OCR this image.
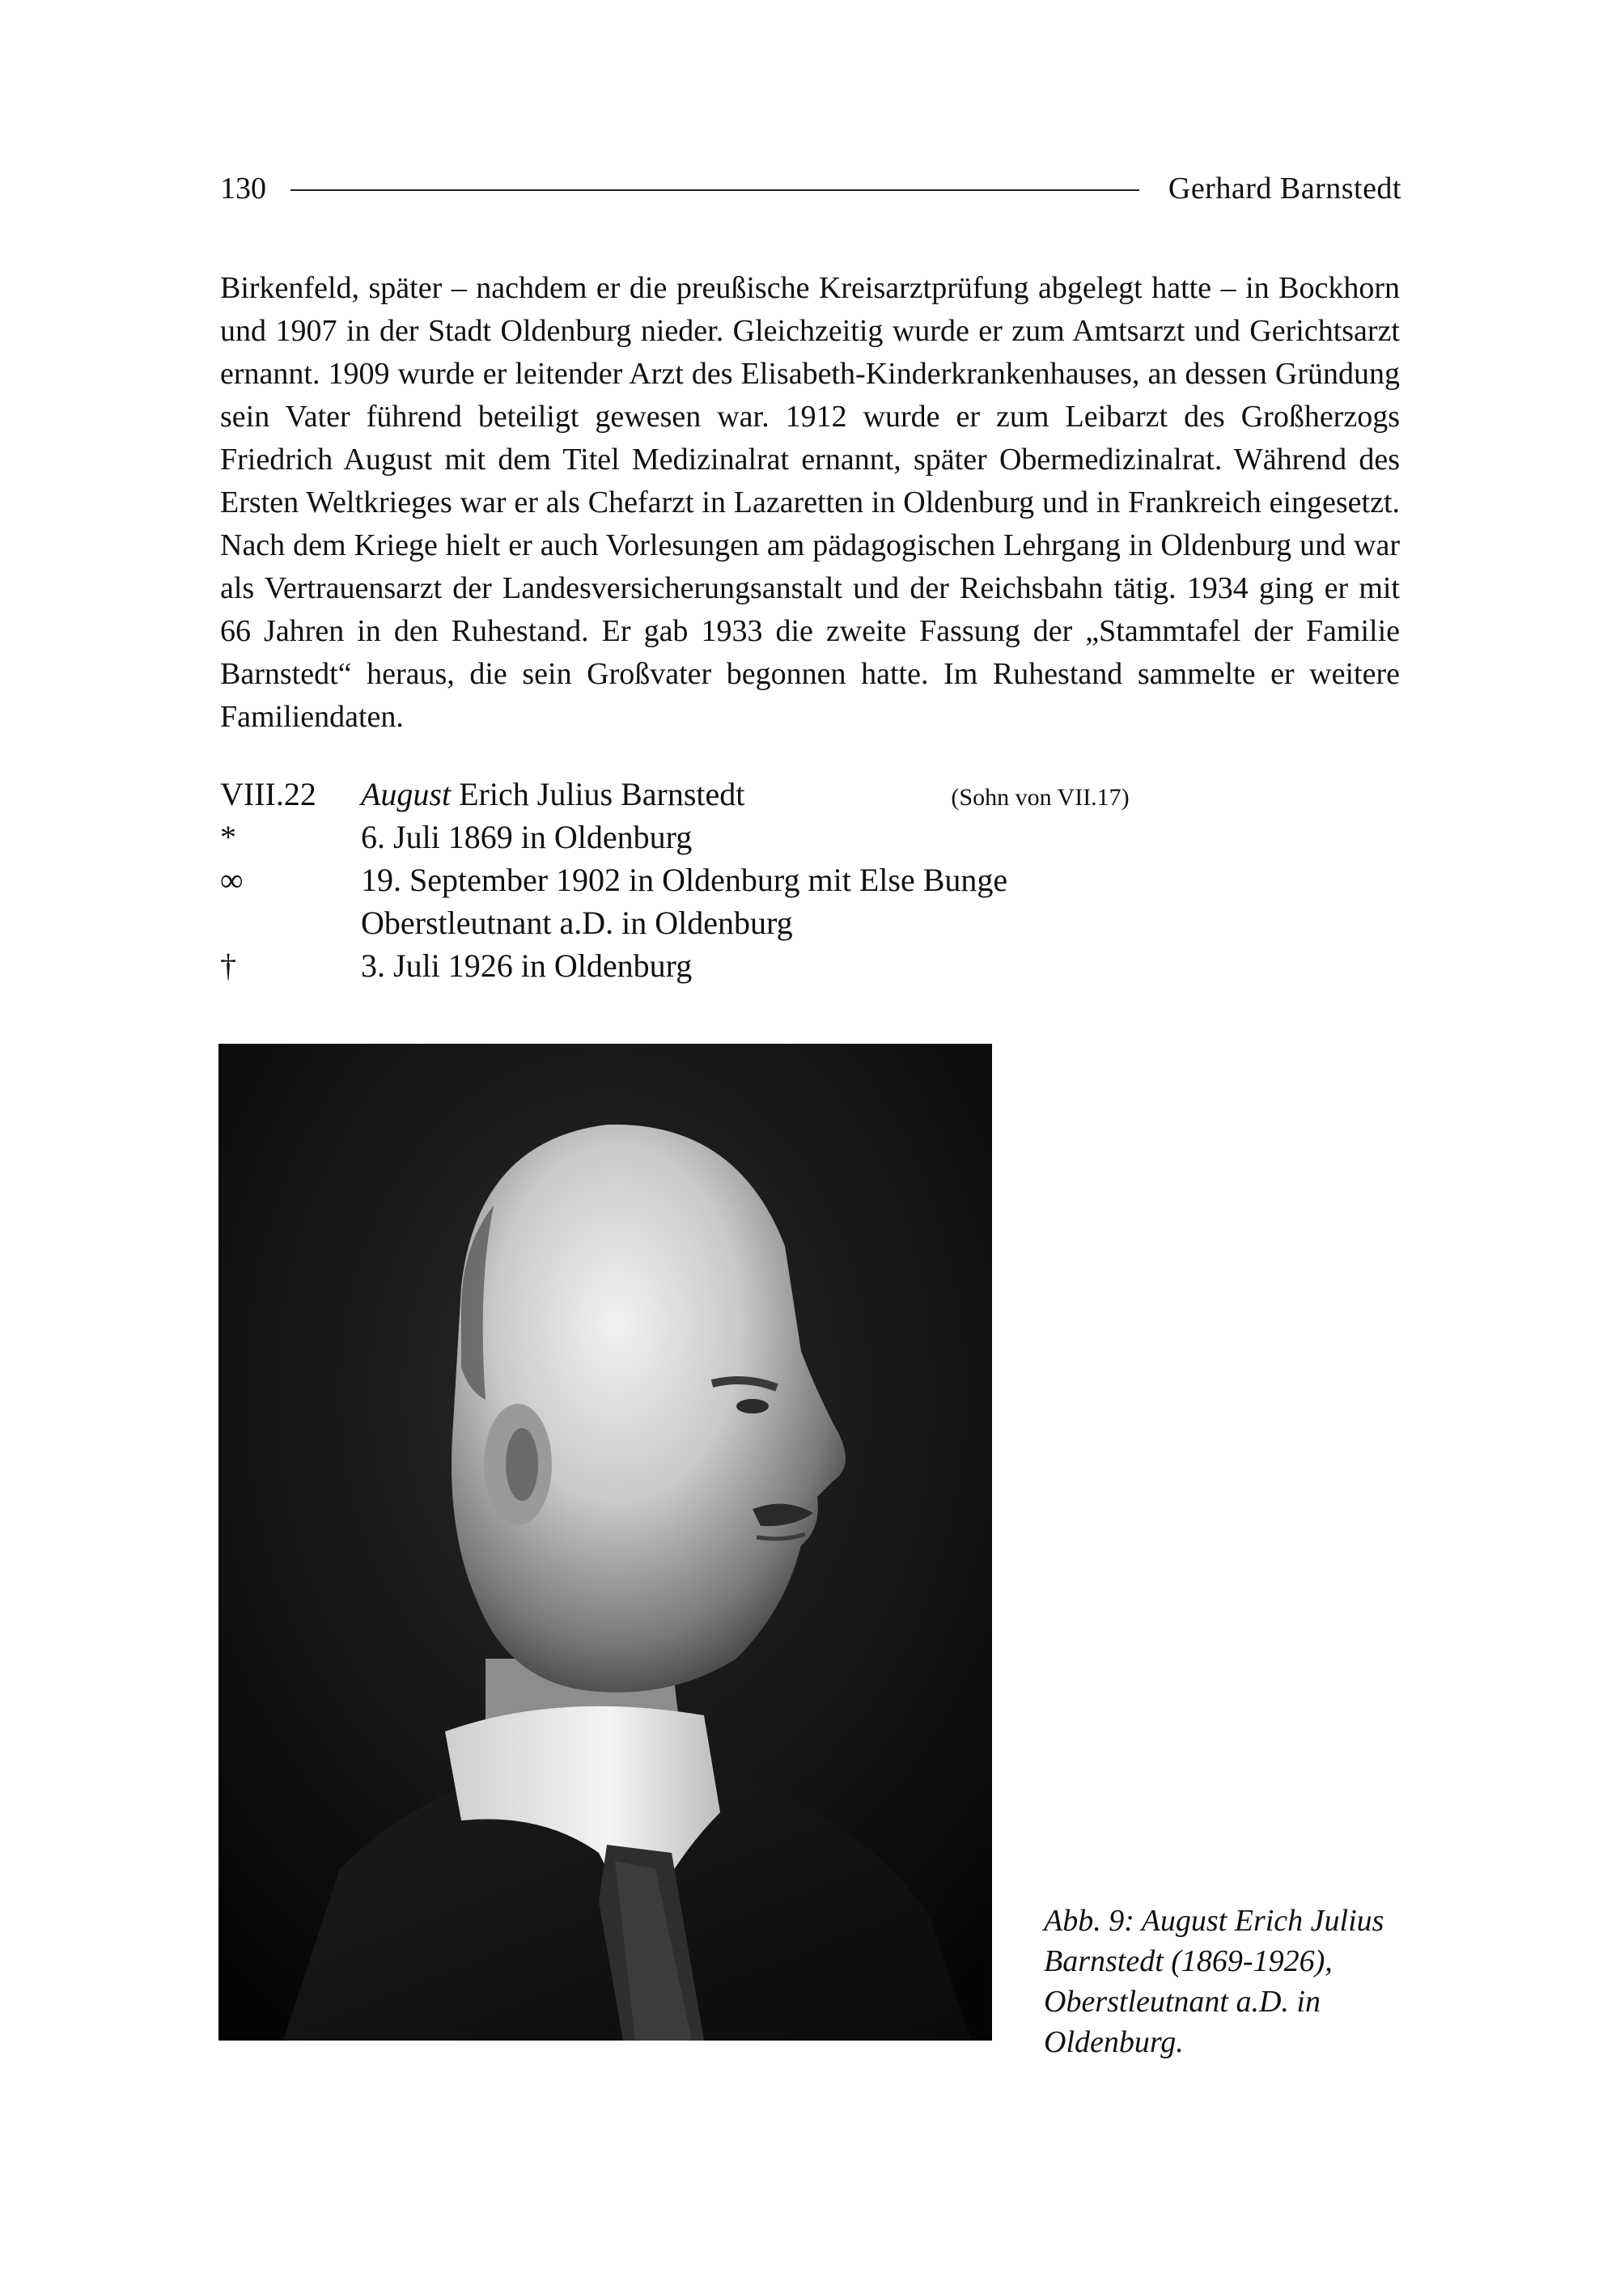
130	Gerhard Barnstedt

Birkenfeld, später – nachdem er die preußische Kreisarztprüfung abgelegt hatte – in Bockhorn und 1907 in der Stadt Oldenburg nieder. Gleichzeitig wurde er zum Amtsarzt und Gerichtsarzt ernannt. 1909 wurde er leitender Arzt des Elisabeth-Kinderkrankenhauses, an dessen Gründung sein Vater führend beteiligt gewesen war. 1912 wurde er zum Leibarzt des Großherzogs Friedrich August mit dem Titel Medizinalrat ernannt, später Obermedizinalrat. Während des Ersten Weltkrieges war er als Chefarzt in Lazaretten in Oldenburg und in Frankreich eingesetzt. Nach dem Kriege hielt er auch Vorlesungen am pädagogischen Lehrgang in Oldenburg und war als Vertrauensarzt der Landesversicherungsanstalt und der Reichsbahn tätig. 1934 ging er mit 66 Jahren in den Ruhestand. Er gab 1933 die zweite Fassung der „Stammtafel der Familie Barnstedt“ heraus, die sein Großvater begonnen hatte. Im Ruhestand sammelte er weitere Familiendaten.

VIII.22	August Erich Julius Barnstedt	(Sohn von VII.17)
*	6. Juli 1869 in Oldenburg
∞	19. September 1902 in Oldenburg mit Else Bunge
Oberstleutnant a.D. in Oldenburg
†	3. Juli 1926 in Oldenburg

Abb. 9: August Erich Julius Barnstedt (1869-1926), Oberstleutnant a.D. in Oldenburg.
